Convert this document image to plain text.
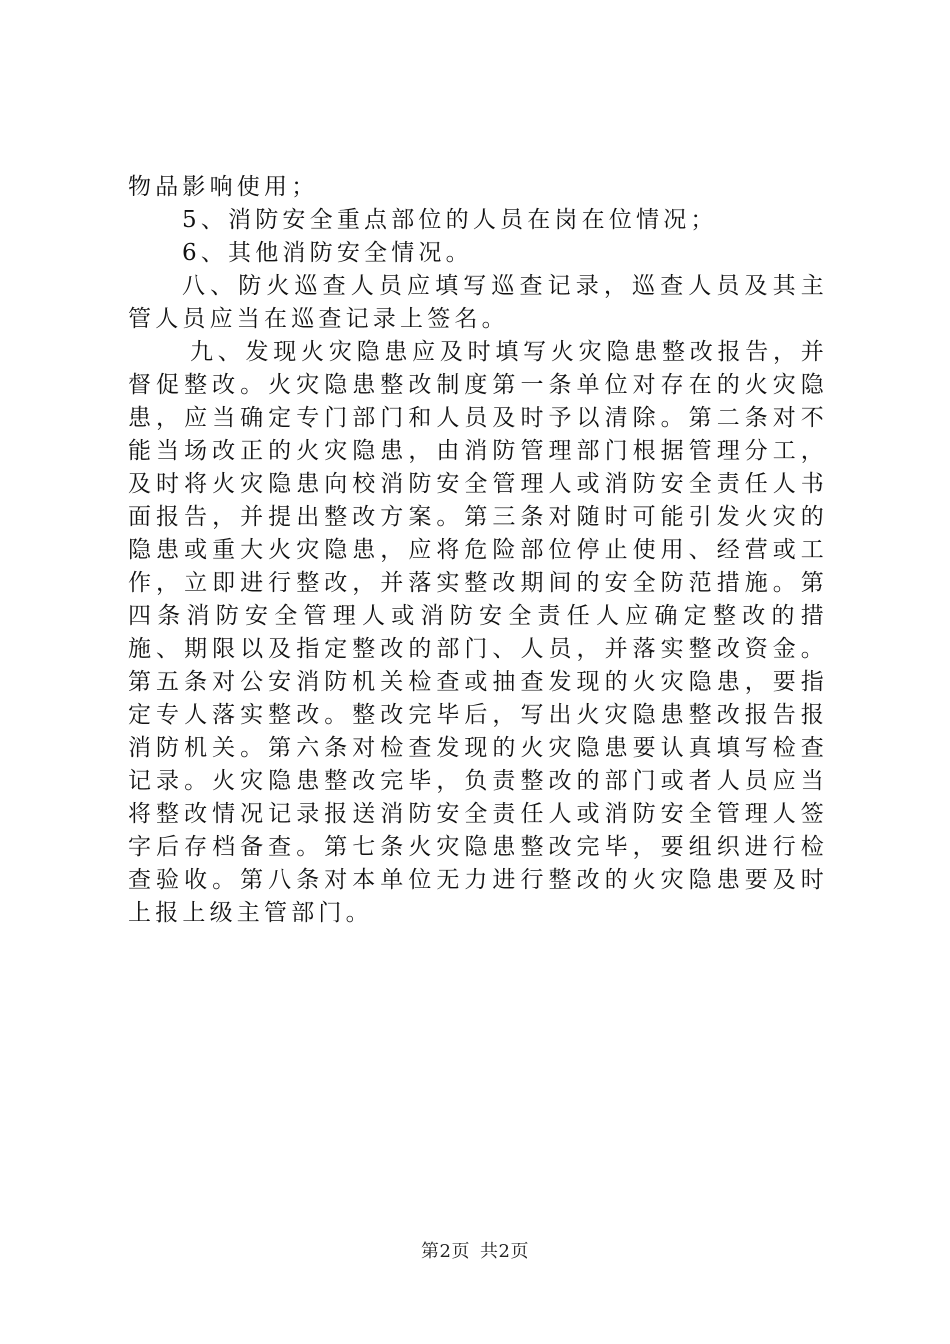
物品影响使用；

5、消防安全重点部位的人员在岗在位情况；

6、其他消防安全情况。

八、防火巡查人员应填写巡查记录，巡查人员及其主管人员应当在巡查记录上签名。

九、发现火灾隐患应及时填写火灾隐患整改报告，并督促整改。火灾隐患整改制度第一条单位对存在的火灾隐患，应当确定专门部门和人员及时予以清除。第二条对不能当场改正的火灾隐患，由消防管理部门根据管理分工，及时将火灾隐患向校消防安全管理人或消防安全责任人书面报告，并提出整改方案。第三条对随时可能引发火灾的隐患或重大火灾隐患，应将危险部位停止使用、经营或工作，立即进行整改，并落实整改期间的安全防范措施。第四条消防安全管理人或消防安全责任人应确定整改的措施、期限以及指定整改的部门、人员，并落实整改资金。第五条对公安消防机关检查或抽查发现的火灾隐患，要指定专人落实整改。整改完毕后，写出火灾隐患整改报告报消防机关。第六条对检查发现的火灾隐患要认真填写检查记录。火灾隐患整改完毕，负责整改的部门或者人员应当将整改情况记录报送消防安全责任人或消防安全管理人签字后存档备查。第七条火灾隐患整改完毕，要组织进行检查验收。第八条对本单位无力进行整改的火灾隐患要及时上报上级主管部门。

第2页 共2页
